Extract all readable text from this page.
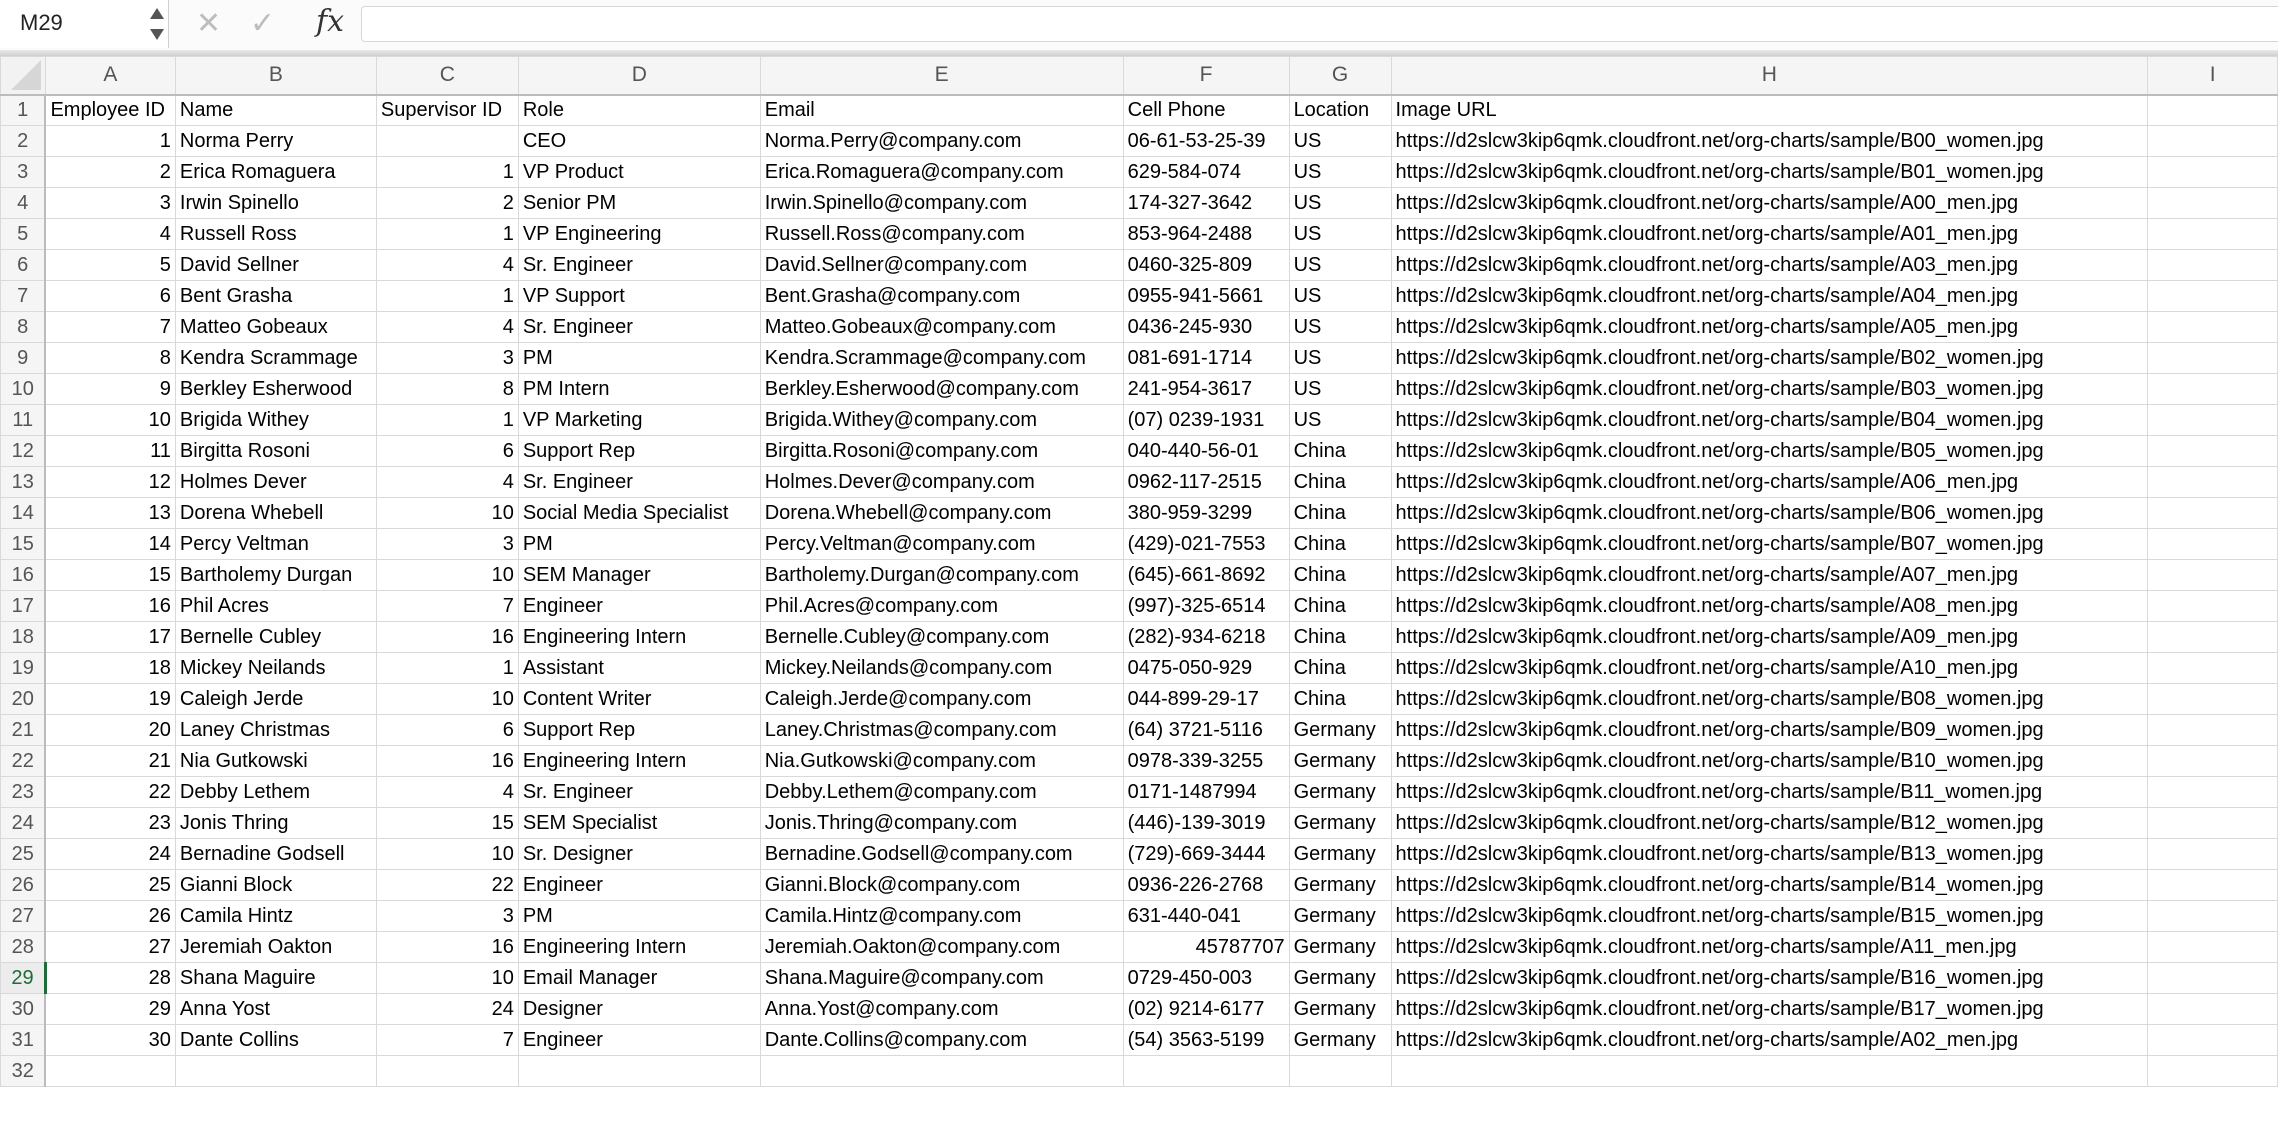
M29	✕ ✓ fx
	A	B	C	D	E	F	G	H	I
1	Employee ID	Name	Supervisor ID	Role	Email	Cell Phone	Location	Image URL	
2	1	Norma Perry		CEO	Norma.Perry@company.com	06-61-53-25-39	US	https://d2slcw3kip6qmk.cloudfront.net/org-charts/sample/B00_women.jpg	
3	2	Erica Romaguera	1	VP Product	Erica.Romaguera@company.com	629-584-074	US	https://d2slcw3kip6qmk.cloudfront.net/org-charts/sample/B01_women.jpg	
4	3	Irwin Spinello	2	Senior PM	Irwin.Spinello@company.com	174-327-3642	US	https://d2slcw3kip6qmk.cloudfront.net/org-charts/sample/A00_men.jpg	
5	4	Russell Ross	1	VP Engineering	Russell.Ross@company.com	853-964-2488	US	https://d2slcw3kip6qmk.cloudfront.net/org-charts/sample/A01_men.jpg	
6	5	David Sellner	4	Sr. Engineer	David.Sellner@company.com	0460-325-809	US	https://d2slcw3kip6qmk.cloudfront.net/org-charts/sample/A03_men.jpg	
7	6	Bent Grasha	1	VP Support	Bent.Grasha@company.com	0955-941-5661	US	https://d2slcw3kip6qmk.cloudfront.net/org-charts/sample/A04_men.jpg	
8	7	Matteo Gobeaux	4	Sr. Engineer	Matteo.Gobeaux@company.com	0436-245-930	US	https://d2slcw3kip6qmk.cloudfront.net/org-charts/sample/A05_men.jpg	
9	8	Kendra Scrammage	3	PM	Kendra.Scrammage@company.com	081-691-1714	US	https://d2slcw3kip6qmk.cloudfront.net/org-charts/sample/B02_women.jpg	
10	9	Berkley Esherwood	8	PM Intern	Berkley.Esherwood@company.com	241-954-3617	US	https://d2slcw3kip6qmk.cloudfront.net/org-charts/sample/B03_women.jpg	
11	10	Brigida Withey	1	VP Marketing	Brigida.Withey@company.com	(07) 0239-1931	US	https://d2slcw3kip6qmk.cloudfront.net/org-charts/sample/B04_women.jpg	
12	11	Birgitta Rosoni	6	Support Rep	Birgitta.Rosoni@company.com	040-440-56-01	China	https://d2slcw3kip6qmk.cloudfront.net/org-charts/sample/B05_women.jpg	
13	12	Holmes Dever	4	Sr. Engineer	Holmes.Dever@company.com	0962-117-2515	China	https://d2slcw3kip6qmk.cloudfront.net/org-charts/sample/A06_men.jpg	
14	13	Dorena Whebell	10	Social Media Specialist	Dorena.Whebell@company.com	380-959-3299	China	https://d2slcw3kip6qmk.cloudfront.net/org-charts/sample/B06_women.jpg	
15	14	Percy Veltman	3	PM	Percy.Veltman@company.com	(429)-021-7553	China	https://d2slcw3kip6qmk.cloudfront.net/org-charts/sample/B07_women.jpg	
16	15	Bartholemy Durgan	10	SEM Manager	Bartholemy.Durgan@company.com	(645)-661-8692	China	https://d2slcw3kip6qmk.cloudfront.net/org-charts/sample/A07_men.jpg	
17	16	Phil Acres	7	Engineer	Phil.Acres@company.com	(997)-325-6514	China	https://d2slcw3kip6qmk.cloudfront.net/org-charts/sample/A08_men.jpg	
18	17	Bernelle Cubley	16	Engineering Intern	Bernelle.Cubley@company.com	(282)-934-6218	China	https://d2slcw3kip6qmk.cloudfront.net/org-charts/sample/A09_men.jpg	
19	18	Mickey Neilands	1	Assistant	Mickey.Neilands@company.com	0475-050-929	China	https://d2slcw3kip6qmk.cloudfront.net/org-charts/sample/A10_men.jpg	
20	19	Caleigh Jerde	10	Content Writer	Caleigh.Jerde@company.com	044-899-29-17	China	https://d2slcw3kip6qmk.cloudfront.net/org-charts/sample/B08_women.jpg	
21	20	Laney Christmas	6	Support Rep	Laney.Christmas@company.com	(64) 3721-5116	Germany	https://d2slcw3kip6qmk.cloudfront.net/org-charts/sample/B09_women.jpg	
22	21	Nia Gutkowski	16	Engineering Intern	Nia.Gutkowski@company.com	0978-339-3255	Germany	https://d2slcw3kip6qmk.cloudfront.net/org-charts/sample/B10_women.jpg	
23	22	Debby Lethem	4	Sr. Engineer	Debby.Lethem@company.com	0171-1487994	Germany	https://d2slcw3kip6qmk.cloudfront.net/org-charts/sample/B11_women.jpg	
24	23	Jonis Thring	15	SEM Specialist	Jonis.Thring@company.com	(446)-139-3019	Germany	https://d2slcw3kip6qmk.cloudfront.net/org-charts/sample/B12_women.jpg	
25	24	Bernadine Godsell	10	Sr. Designer	Bernadine.Godsell@company.com	(729)-669-3444	Germany	https://d2slcw3kip6qmk.cloudfront.net/org-charts/sample/B13_women.jpg	
26	25	Gianni Block	22	Engineer	Gianni.Block@company.com	0936-226-2768	Germany	https://d2slcw3kip6qmk.cloudfront.net/org-charts/sample/B14_women.jpg	
27	26	Camila Hintz	3	PM	Camila.Hintz@company.com	631-440-041	Germany	https://d2slcw3kip6qmk.cloudfront.net/org-charts/sample/B15_women.jpg	
28	27	Jeremiah Oakton	16	Engineering Intern	Jeremiah.Oakton@company.com	45787707	Germany	https://d2slcw3kip6qmk.cloudfront.net/org-charts/sample/A11_men.jpg	
29	28	Shana Maguire	10	Email Manager	Shana.Maguire@company.com	0729-450-003	Germany	https://d2slcw3kip6qmk.cloudfront.net/org-charts/sample/B16_women.jpg	
30	29	Anna Yost	24	Designer	Anna.Yost@company.com	(02) 9214-6177	Germany	https://d2slcw3kip6qmk.cloudfront.net/org-charts/sample/B17_women.jpg	
31	30	Dante Collins	7	Engineer	Dante.Collins@company.com	(54) 3563-5199	Germany	https://d2slcw3kip6qmk.cloudfront.net/org-charts/sample/A02_men.jpg	
32									
